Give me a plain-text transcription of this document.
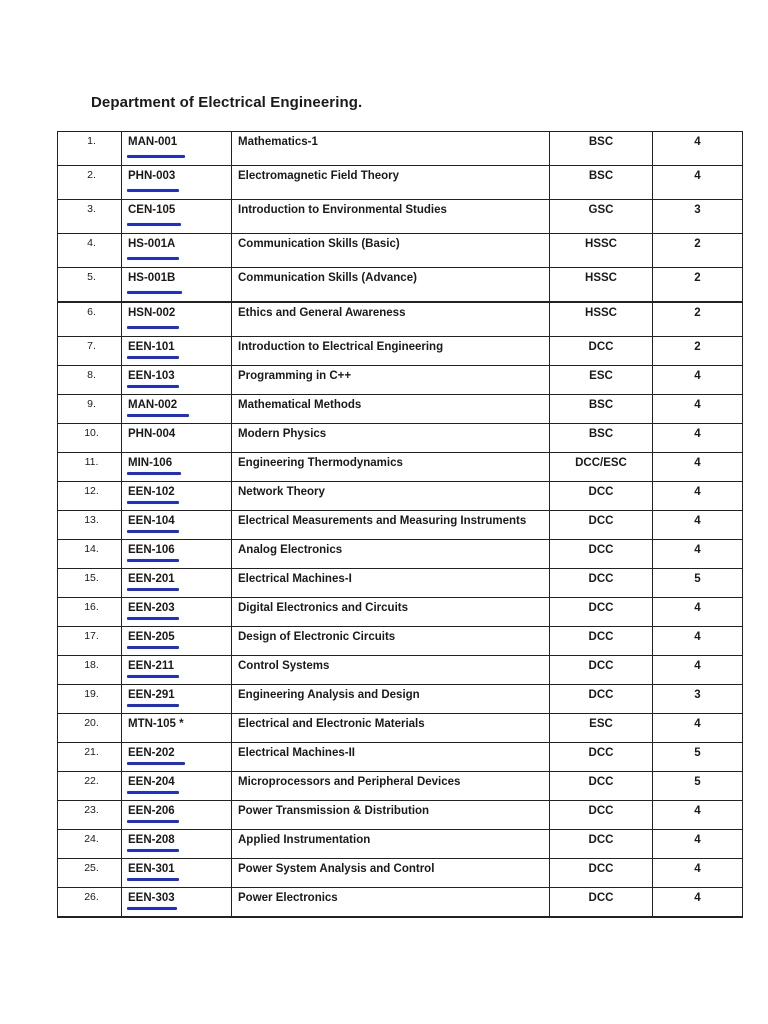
Department of Electrical Engineering.
1.	MAN-001	Mathematics-1	BSC	4

2.	PHN-003	Electromagnetic Field Theory	BSC	4

3.	CEN-105	Introduction to Environmental Studies	GSC	3

4.	HS-001A	Communication Skills (Basic)	HSSC	2

5.	HS-001B	Communication Skills (Advance)	HSSC	2

6.	HSN-002	Ethics and General Awareness	HSSC	2

7.	EEN-101	Introduction to Electrical Engineering	DCC	2

8.	EEN-103	Programming in C++	ESC	4

9.	MAN-002	Mathematical Methods	BSC	4

10.	PHN-004	Modern Physics	BSC	4

11.	MIN-106	Engineering Thermodynamics	DCC/ESC	4

12.	EEN-102	Network Theory	DCC	4

13.	EEN-104	Electrical Measurements and Measuring Instruments	DCC	4

14.	EEN-106	Analog Electronics	DCC	4

15.	EEN-201	Electrical Machines-I	DCC	5

16.	EEN-203	Digital Electronics and Circuits	DCC	4

17.	EEN-205	Design of Electronic Circuits	DCC	4

18.	EEN-211	Control Systems	DCC	4

19.	EEN-291	Engineering Analysis and Design	DCC	3

20.	MTN-105 *	Electrical and Electronic Materials	ESC	4

21.	EEN-202	Electrical Machines-II	DCC	5

22.	EEN-204	Microprocessors and Peripheral Devices	DCC	5

23.	EEN-206	Power Transmission & Distribution	DCC	4

24.	EEN-208	Applied Instrumentation	DCC	4

25.	EEN-301	Power System Analysis and Control	DCC	4

26.	EEN-303	Power Electronics	DCC	4
